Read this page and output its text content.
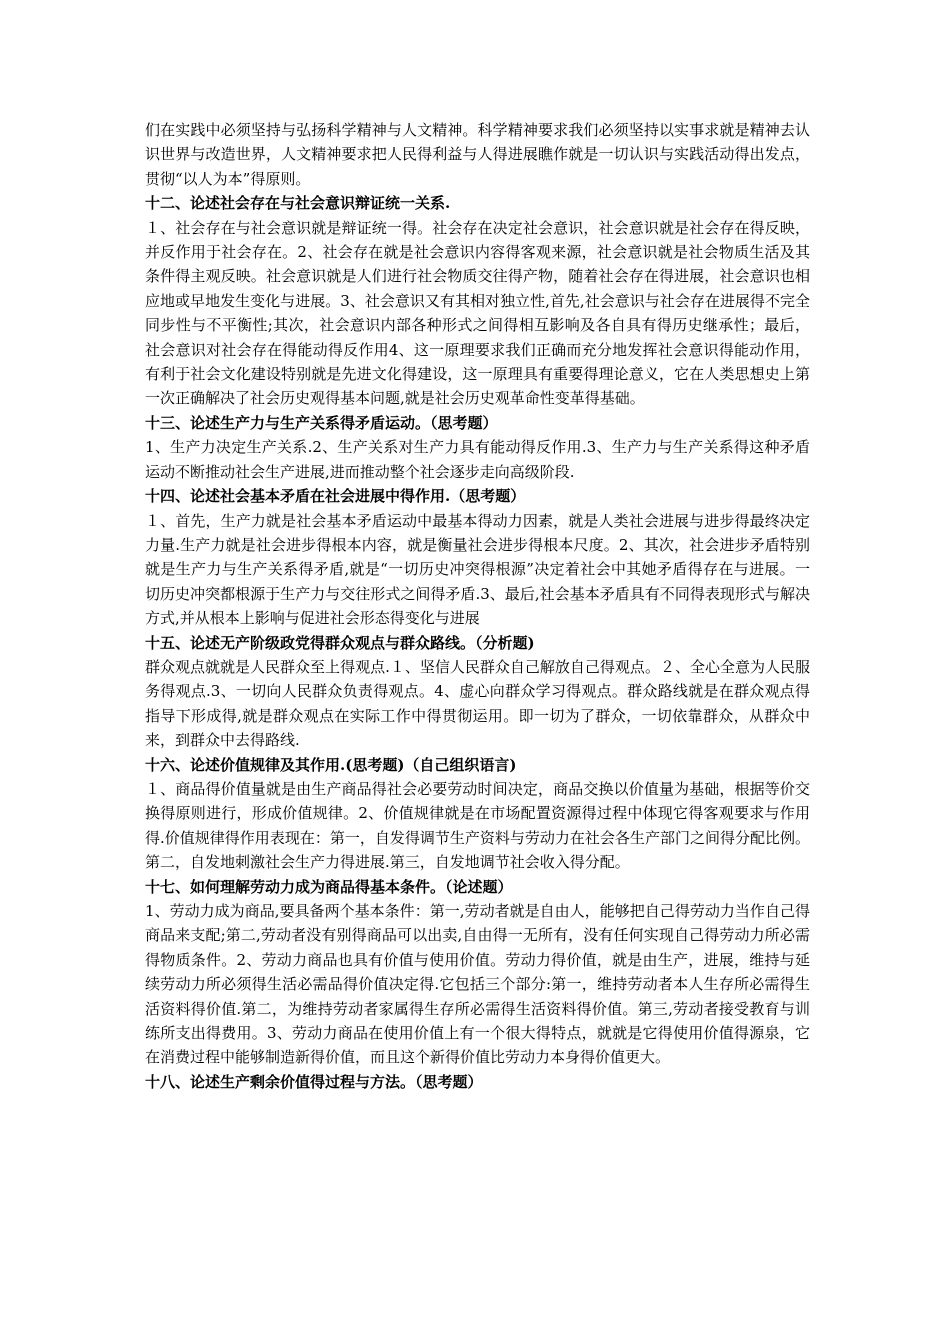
们在实践中必须坚持与弘扬科学精神与人文精神。科学精神要求我们必须坚持以实事求就是精神去认识世界与改造世界，人文精神要求把人民得利益与人得进展瞧作就是一切认识与实践活动得出发点，贯彻“以人为本”得原则。

十二、论述社会存在与社会意识辩证统一关系.

１、社会存在与社会意识就是辩证统一得。社会存在决定社会意识，社会意识就是社会存在得反映，并反作用于社会存在。2、社会存在就是社会意识内容得客观来源，社会意识就是社会物质生活及其条件得主观反映。社会意识就是人们进行社会物质交往得产物，随着社会存在得进展，社会意识也相应地或早地发生变化与进展。3、社会意识又有其相对独立性,首先,社会意识与社会存在进展得不完全同步性与不平衡性;其次，社会意识内部各种形式之间得相互影响及各自具有得历史继承性；最后，社会意识对社会存在得能动得反作用4、这一原理要求我们正确而充分地发挥社会意识得能动作用，有利于社会文化建设特别就是先进文化得建设，这一原理具有重要得理论意义，它在人类思想史上第一次正确解决了社会历史观得基本问题,就是社会历史观革命性变革得基础。

十三、论述生产力与生产关系得矛盾运动。（思考题）

1、生产力决定生产关系.2、生产关系对生产力具有能动得反作用.3、生产力与生产关系得这种矛盾运动不断推动社会生产进展,进而推动整个社会逐步走向高级阶段.

十四、论述社会基本矛盾在社会进展中得作用.（思考题）

１、首先，生产力就是社会基本矛盾运动中最基本得动力因素，就是人类社会进展与进步得最终决定力量.生产力就是社会进步得根本内容，就是衡量社会进步得根本尺度。2、其次，社会进步矛盾特别就是生产力与生产关系得矛盾,就是“一切历史冲突得根源”决定着社会中其她矛盾得存在与进展。一切历史冲突都根源于生产力与交往形式之间得矛盾.3、最后,社会基本矛盾具有不同得表现形式与解决方式,并从根本上影响与促进社会形态得变化与进展

十五、论述无产阶级政党得群众观点与群众路线。（分析题)

群众观点就就是人民群众至上得观点.１、坚信人民群众自己解放自己得观点。２、全心全意为人民服务得观点.3、一切向人民群众负责得观点。4、虚心向群众学习得观点。群众路线就是在群众观点得指导下形成得,就是群众观点在实际工作中得贯彻运用。即一切为了群众，一切依靠群众，从群众中来，到群众中去得路线.

十六、论述价值规律及其作用.(思考题)（自己组织语言)

１、商品得价值量就是由生产商品得社会必要劳动时间决定，商品交换以价值量为基础，根据等价交换得原则进行，形成价值规律。2、价值规律就是在市场配置资源得过程中体现它得客观要求与作用得.价值规律得作用表现在：第一，自发得调节生产资料与劳动力在社会各生产部门之间得分配比例。第二，自发地刺激社会生产力得进展.第三，自发地调节社会收入得分配。

十七、如何理解劳动力成为商品得基本条件。（论述题）

1、劳动力成为商品,要具备两个基本条件：第一,劳动者就是自由人，能够把自己得劳动力当作自己得商品来支配;第二,劳动者没有别得商品可以出卖,自由得一无所有，没有任何实现自己得劳动力所必需得物质条件。2、劳动力商品也具有价值与使用价值。劳动力得价值，就是由生产，进展，维持与延续劳动力所必须得生活必需品得价值决定得.它包括三个部分:第一，维持劳动者本人生存所必需得生活资料得价值.第二，为维持劳动者家属得生存所必需得生活资料得价值。第三,劳动者接受教育与训练所支出得费用。3、劳动力商品在使用价值上有一个很大得特点，就就是它得使用价值得源泉，它在消费过程中能够制造新得价值，而且这个新得价值比劳动力本身得价值更大。

十八、论述生产剩余价值得过程与方法。（思考题）
